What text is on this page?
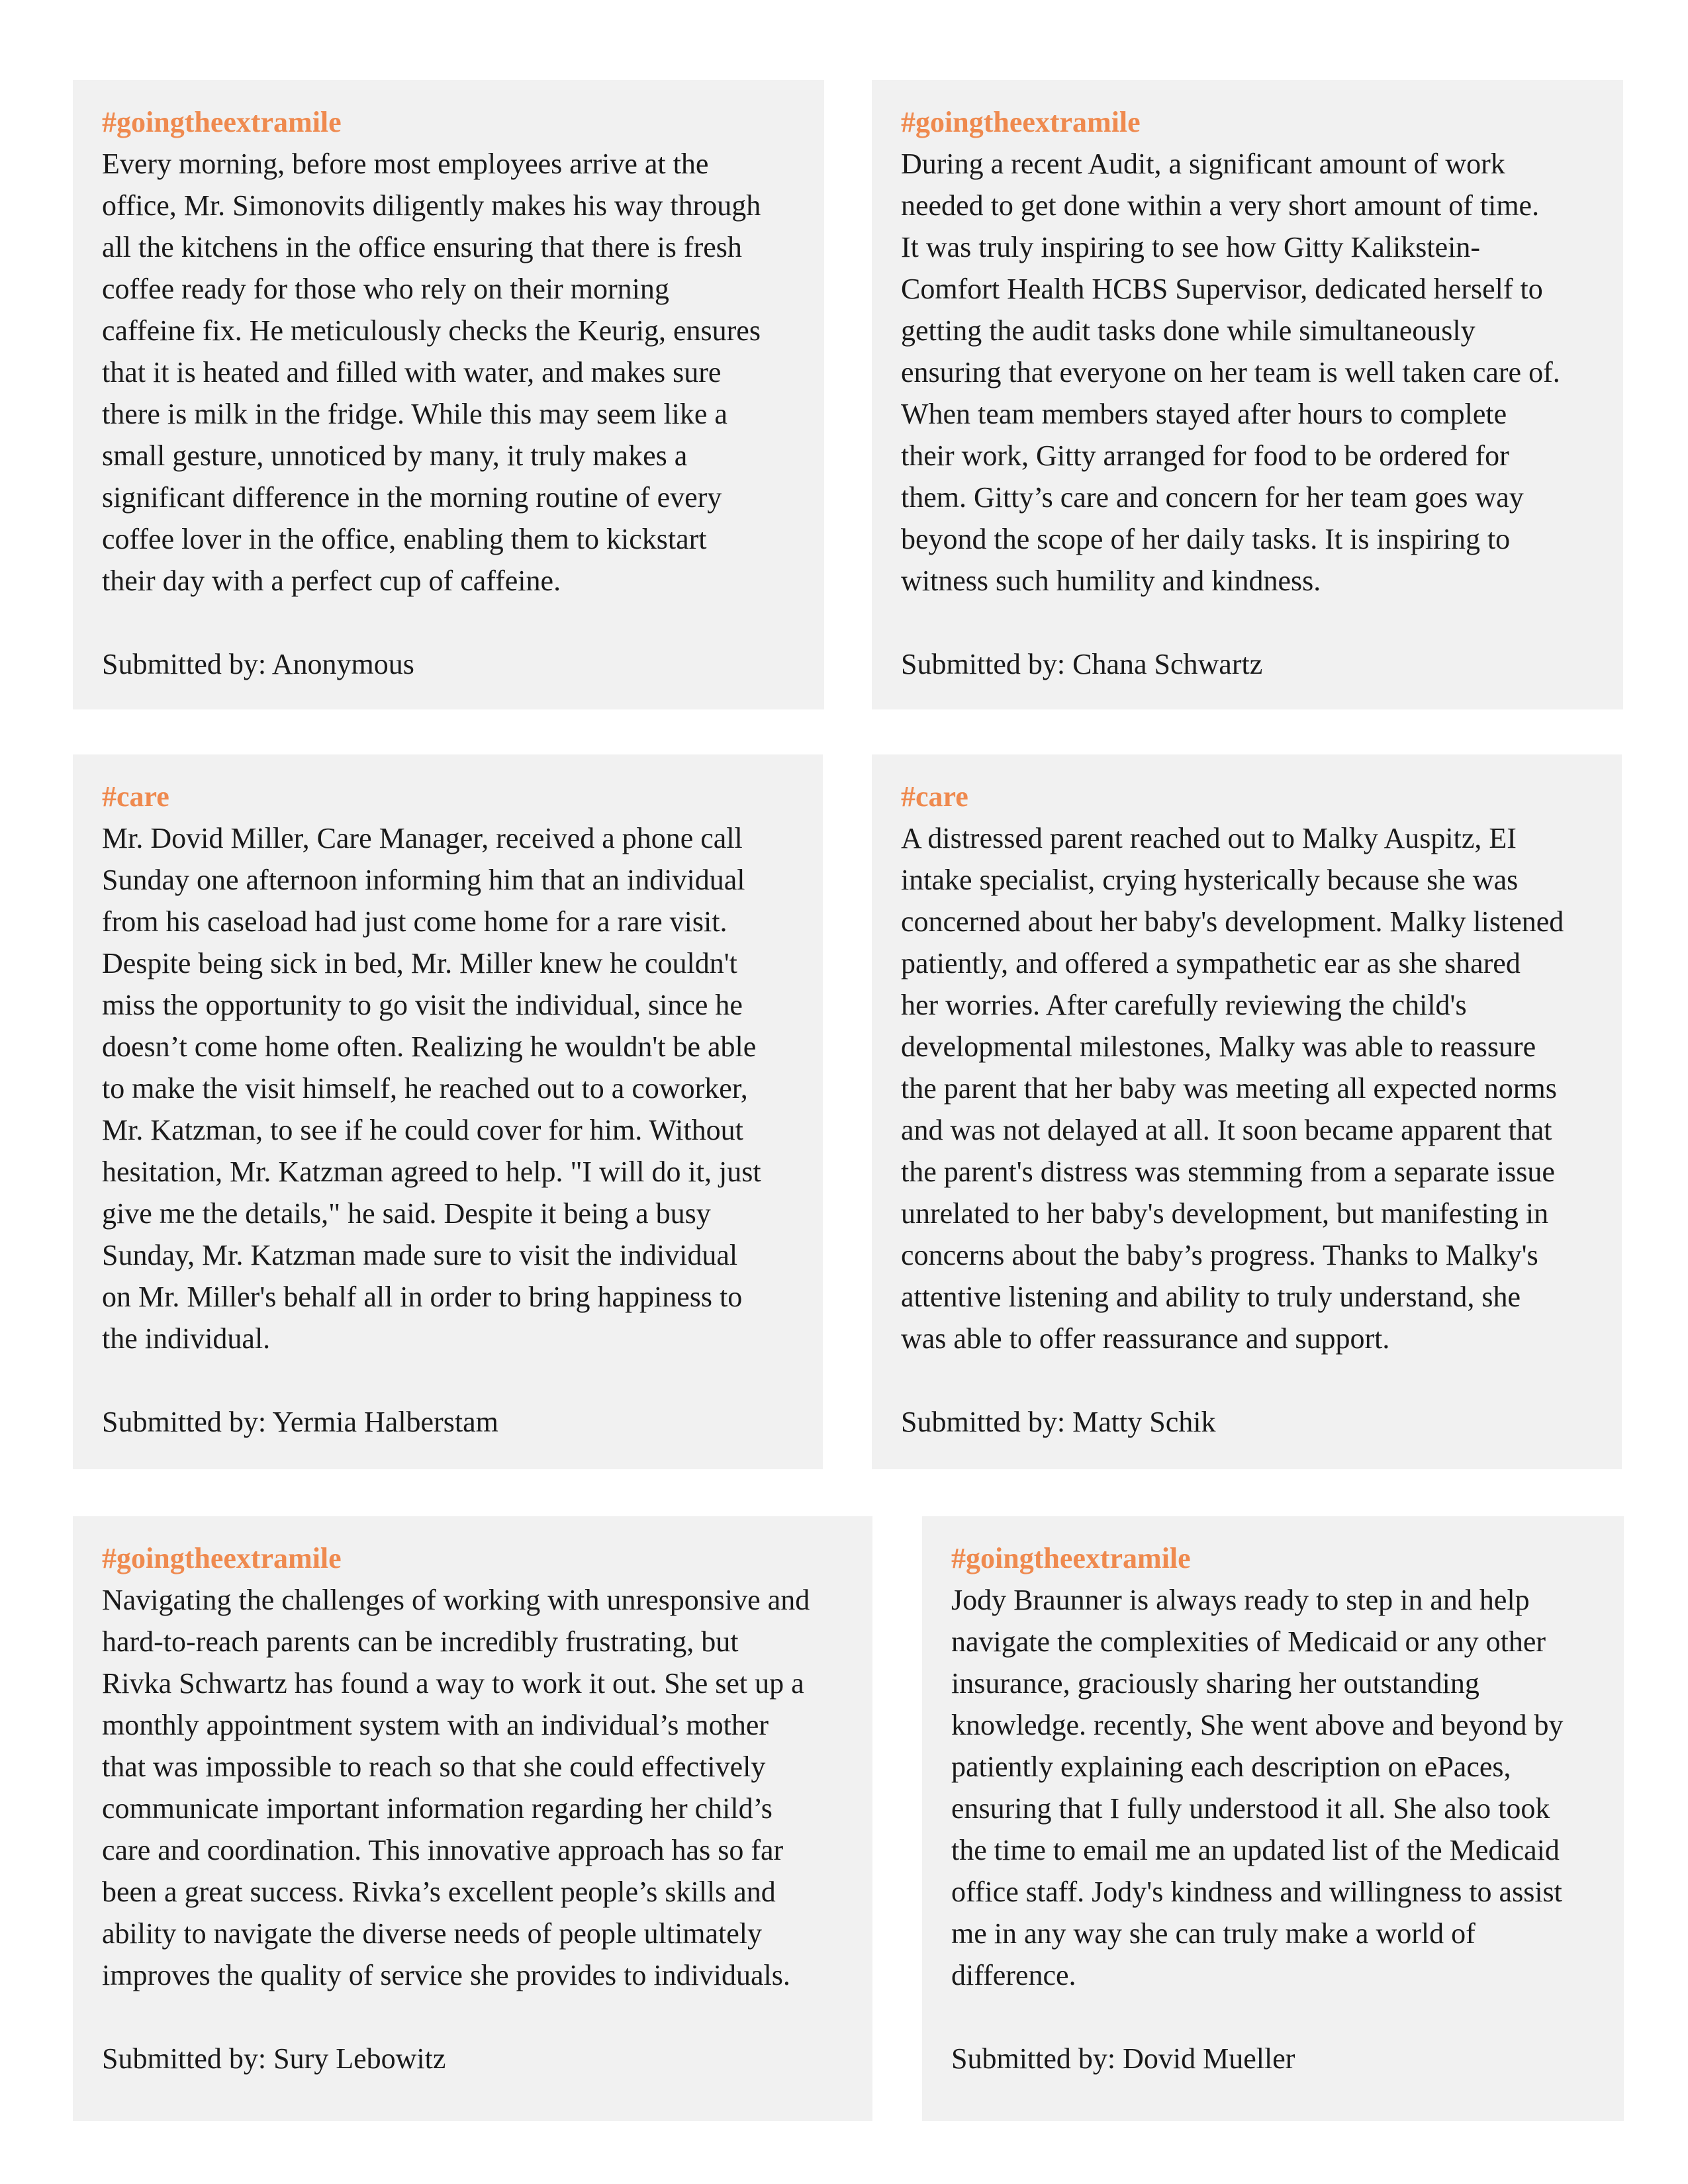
#goingtheextramile

Every morning, before most employees arrive at the
office, Mr. Simonovits diligently makes his way through
all the kitchens in the office ensuring that there is fresh
coffee ready for those who rely on their morning
caffeine fix. He meticulously checks the Keurig, ensures
that it is heated and filled with water, and makes sure
there is milk in the fridge. While this may seem like a
small gesture, unnoticed by many, it truly makes a
significant difference in the morning routine of every
coffee lover in the office, enabling them to kickstart
their day with a perfect cup of caffeine.

Submitted by: Anonymous

#goingtheextramile

During a recent Audit, a significant amount of work
needed to get done within a very short amount of time.
It was truly inspiring to see how Gitty Kalikstein-
Comfort Health HCBS Supervisor, dedicated herself to
getting the audit tasks done while simultaneously
ensuring that everyone on her team is well taken care of.
When team members stayed after hours to complete
their work, Gitty arranged for food to be ordered for
them. Gitty’s care and concern for her team goes way
beyond the scope of her daily tasks. It is inspiring to
witness such humility and kindness.

Submitted by: Chana Schwartz

#care

Mr. Dovid Miller, Care Manager, received a phone call
Sunday one afternoon informing him that an individual
from his caseload had just come home for a rare visit.
Despite being sick in bed, Mr. Miller knew he couldn't
miss the opportunity to go visit the individual, since he
doesn’t come home often. Realizing he wouldn't be able
to make the visit himself, he reached out to a coworker,
Mr. Katzman, to see if he could cover for him. Without
hesitation, Mr. Katzman agreed to help. "I will do it, just
give me the details," he said. Despite it being a busy
Sunday, Mr. Katzman made sure to visit the individual
on Mr. Miller's behalf all in order to bring happiness to
the individual.

Submitted by: Yermia Halberstam

#care

A distressed parent reached out to Malky Auspitz, EI
intake specialist, crying hysterically because she was
concerned about her baby's development. Malky listened
patiently, and offered a sympathetic ear as she shared
her worries. After carefully reviewing the child's
developmental milestones, Malky was able to reassure
the parent that her baby was meeting all expected norms
and was not delayed at all. It soon became apparent that
the parent's distress was stemming from a separate issue
unrelated to her baby's development, but manifesting in
concerns about the baby’s progress. Thanks to Malky's
attentive listening and ability to truly understand, she
was able to offer reassurance and support.

Submitted by: Matty Schik

#goingtheextramile

Navigating the challenges of working with unresponsive and
hard-to-reach parents can be incredibly frustrating, but
Rivka Schwartz has found a way to work it out. She set up a
monthly appointment system with an individual’s mother
that was impossible to reach so that she could effectively
communicate important information regarding her child’s
care and coordination. This innovative approach has so far
been a great success. Rivka’s excellent people’s skills and
ability to navigate the diverse needs of people ultimately
improves the quality of service she provides to individuals.

Submitted by: Sury Lebowitz

#goingtheextramile

Jody Braunner is always ready to step in and help
navigate the complexities of Medicaid or any other
insurance, graciously sharing her outstanding
knowledge. recently, She went above and beyond by
patiently explaining each description on ePaces,
ensuring that I fully understood it all. She also took
the time to email me an updated list of the Medicaid
office staff. Jody's kindness and willingness to assist
me in any way she can truly make a world of
difference.

Submitted by: Dovid Mueller
